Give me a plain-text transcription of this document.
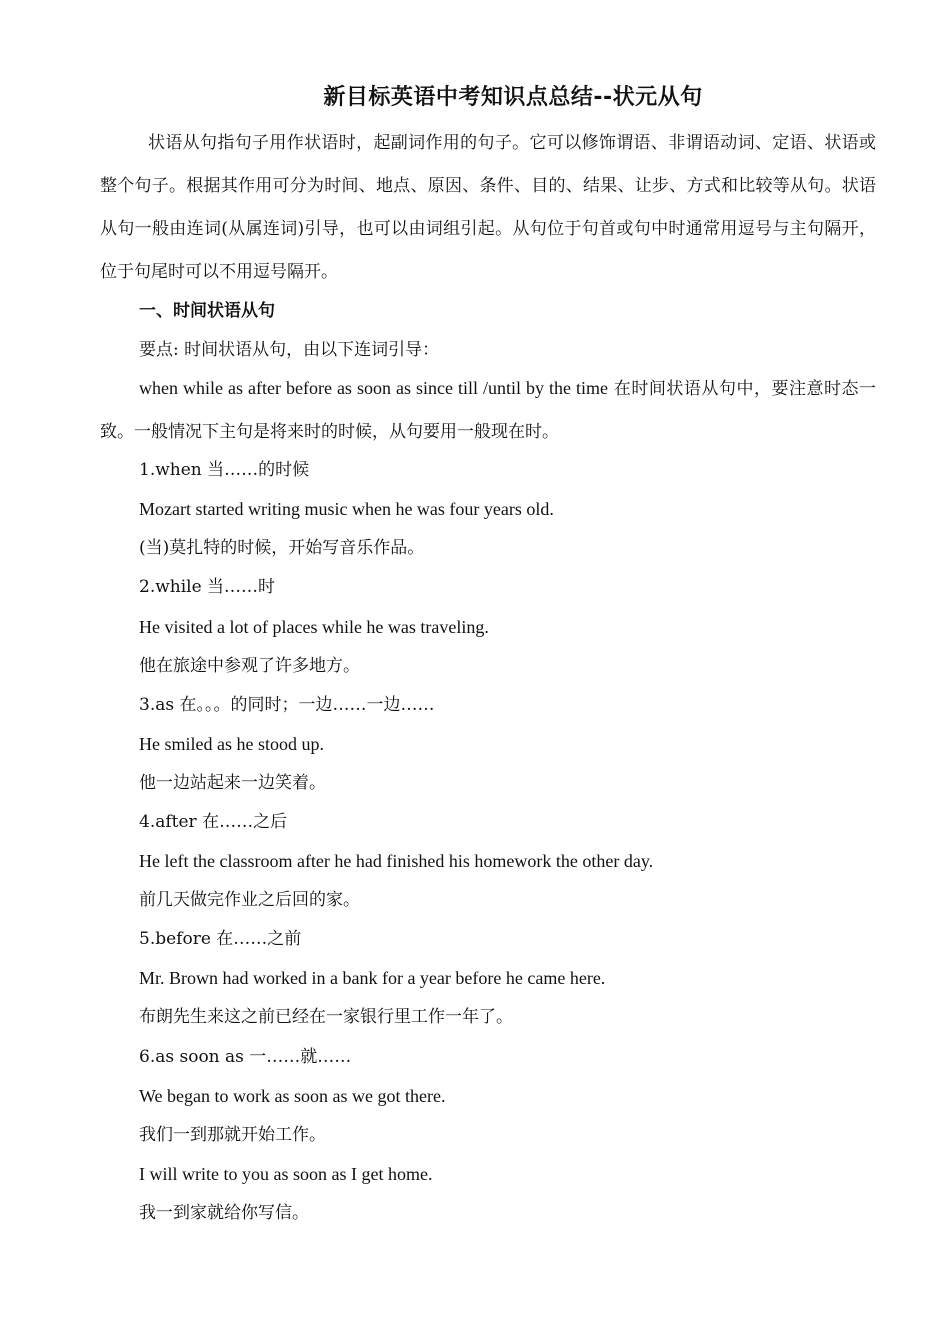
新目标英语中考知识点总结--状元从句
状语从句指句子用作状语时，起副词作用的句子。它可以修饰谓语、非谓语动词、定语、状语或整个句子。根据其作用可分为时间、地点、原因、条件、目的、结果、让步、方式和比较等从句。状语从句一般由连词(从属连词)引导，也可以由词组引起。从句位于句首或句中时通常用逗号与主句隔开，位于句尾时可以不用逗号隔开。
一、时间状语从句
要点: 时间状语从句，由以下连词引导：
when while as after before as soon as since till /until by the time 在时间状语从句中，要注意时态一致。一般情况下主句是将来时的时候，从句要用一般现在时。
1.when 当……的时候
Mozart started writing music when he was four years old.
(当)莫扎特的时候，开始写音乐作品。
2.while 当……时
He visited a lot of places while he was traveling.
他在旅途中参观了许多地方。
3.as 在。。。的同时；一边……一边……
He smiled as he stood up.
他一边站起来一边笑着。
4.after 在……之后
He left the classroom after he had finished his homework the other day.
前几天做完作业之后回的家。
5.before 在……之前
Mr. Brown had worked in a bank for a year before he came here.
布朗先生来这之前已经在一家银行里工作一年了。
6.as soon as 一……就……
We began to work as soon as we got there.
我们一到那就开始工作。
I will write to you as soon as I get home.
我一到家就给你写信。
